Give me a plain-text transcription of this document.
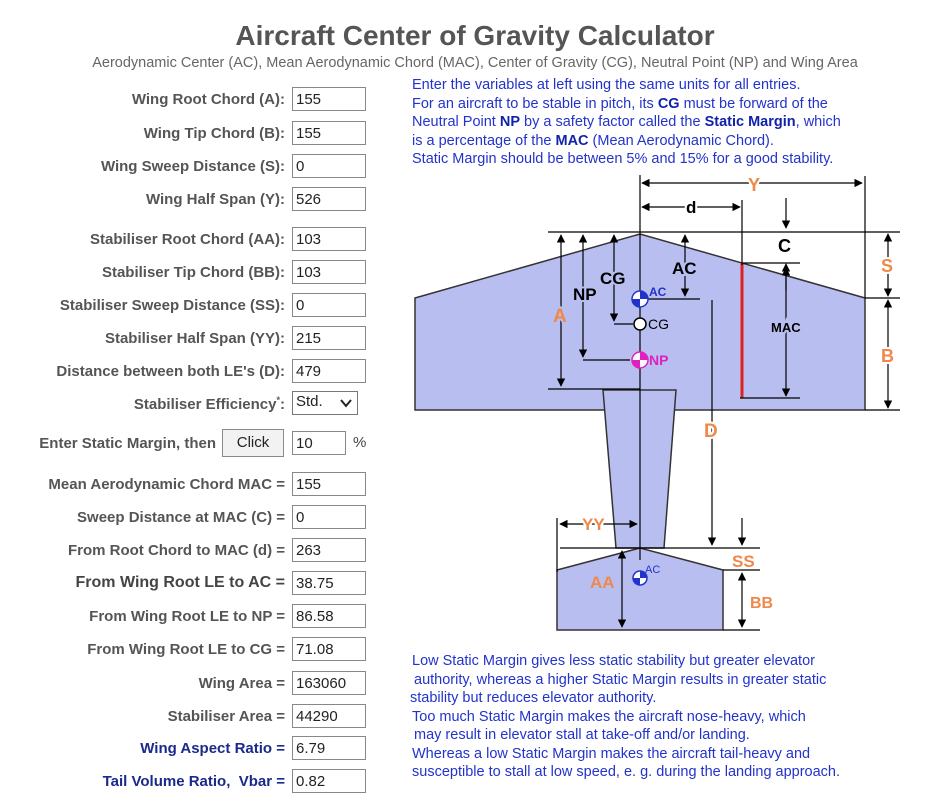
Aircraft Center of Gravity Calculator
Aerodynamic Center (AC), Mean Aerodynamic Chord (MAC), Center of Gravity (CG), Neutral Point (NP) and Wing Area
Wing Root Chord (A):
155
Wing Tip Chord (B):
155
Wing Sweep Distance (S):
0
Wing Half Span (Y):
526
Stabiliser Root Chord (AA):
103
Stabiliser Tip Chord (BB):
103
Stabiliser Sweep Distance (SS):
0
Stabiliser Half Span (YY):
215
Distance between both LE's (D):
479
Stabiliser Efficiency*: Std.
Enter Static Margin, then	Click
10	%
Mean Aerodynamic Chord MAC =
155
Sweep Distance at MAC (C) =
0
From Root Chord to MAC (d) =
263
From Wing Root LE to AC =
38.75
From Wing Root LE to NP =
86.58
From Wing Root LE to CG =
71.08
Wing Area =
163060
Stabiliser Area =
44290
Wing Aspect Ratio =
6.79
Tail Volume Ratio,  Vbar =
0.82

Enter the variables at left using the same units for all entries.

For an aircraft to be stable in pitch, its CG must be forward of the

Neutral Point NP by a safety factor called the Static Margin, which

is a percentage of the MAC (Mean Aerodynamic Chord).

Static Margin should be between 5% and 15% for a good stability.

Low Static Margin gives less static stability but greater elevator

authority, whereas a higher Static Margin results in greater static

stability but reduces elevator authority.

Too much Static Margin makes the aircraft nose-heavy, which

may result in elevator stall at take-off and/or landing.

Whereas a low Static Margin makes the aircraft tail-heavy and

susceptible to stall at low speed, e. g. during the landing approach.

Y
d
C
S
B
MAC
A
NP
CG
AC
AC
CG
NP
D
YY
AA
AC	SS
BB
